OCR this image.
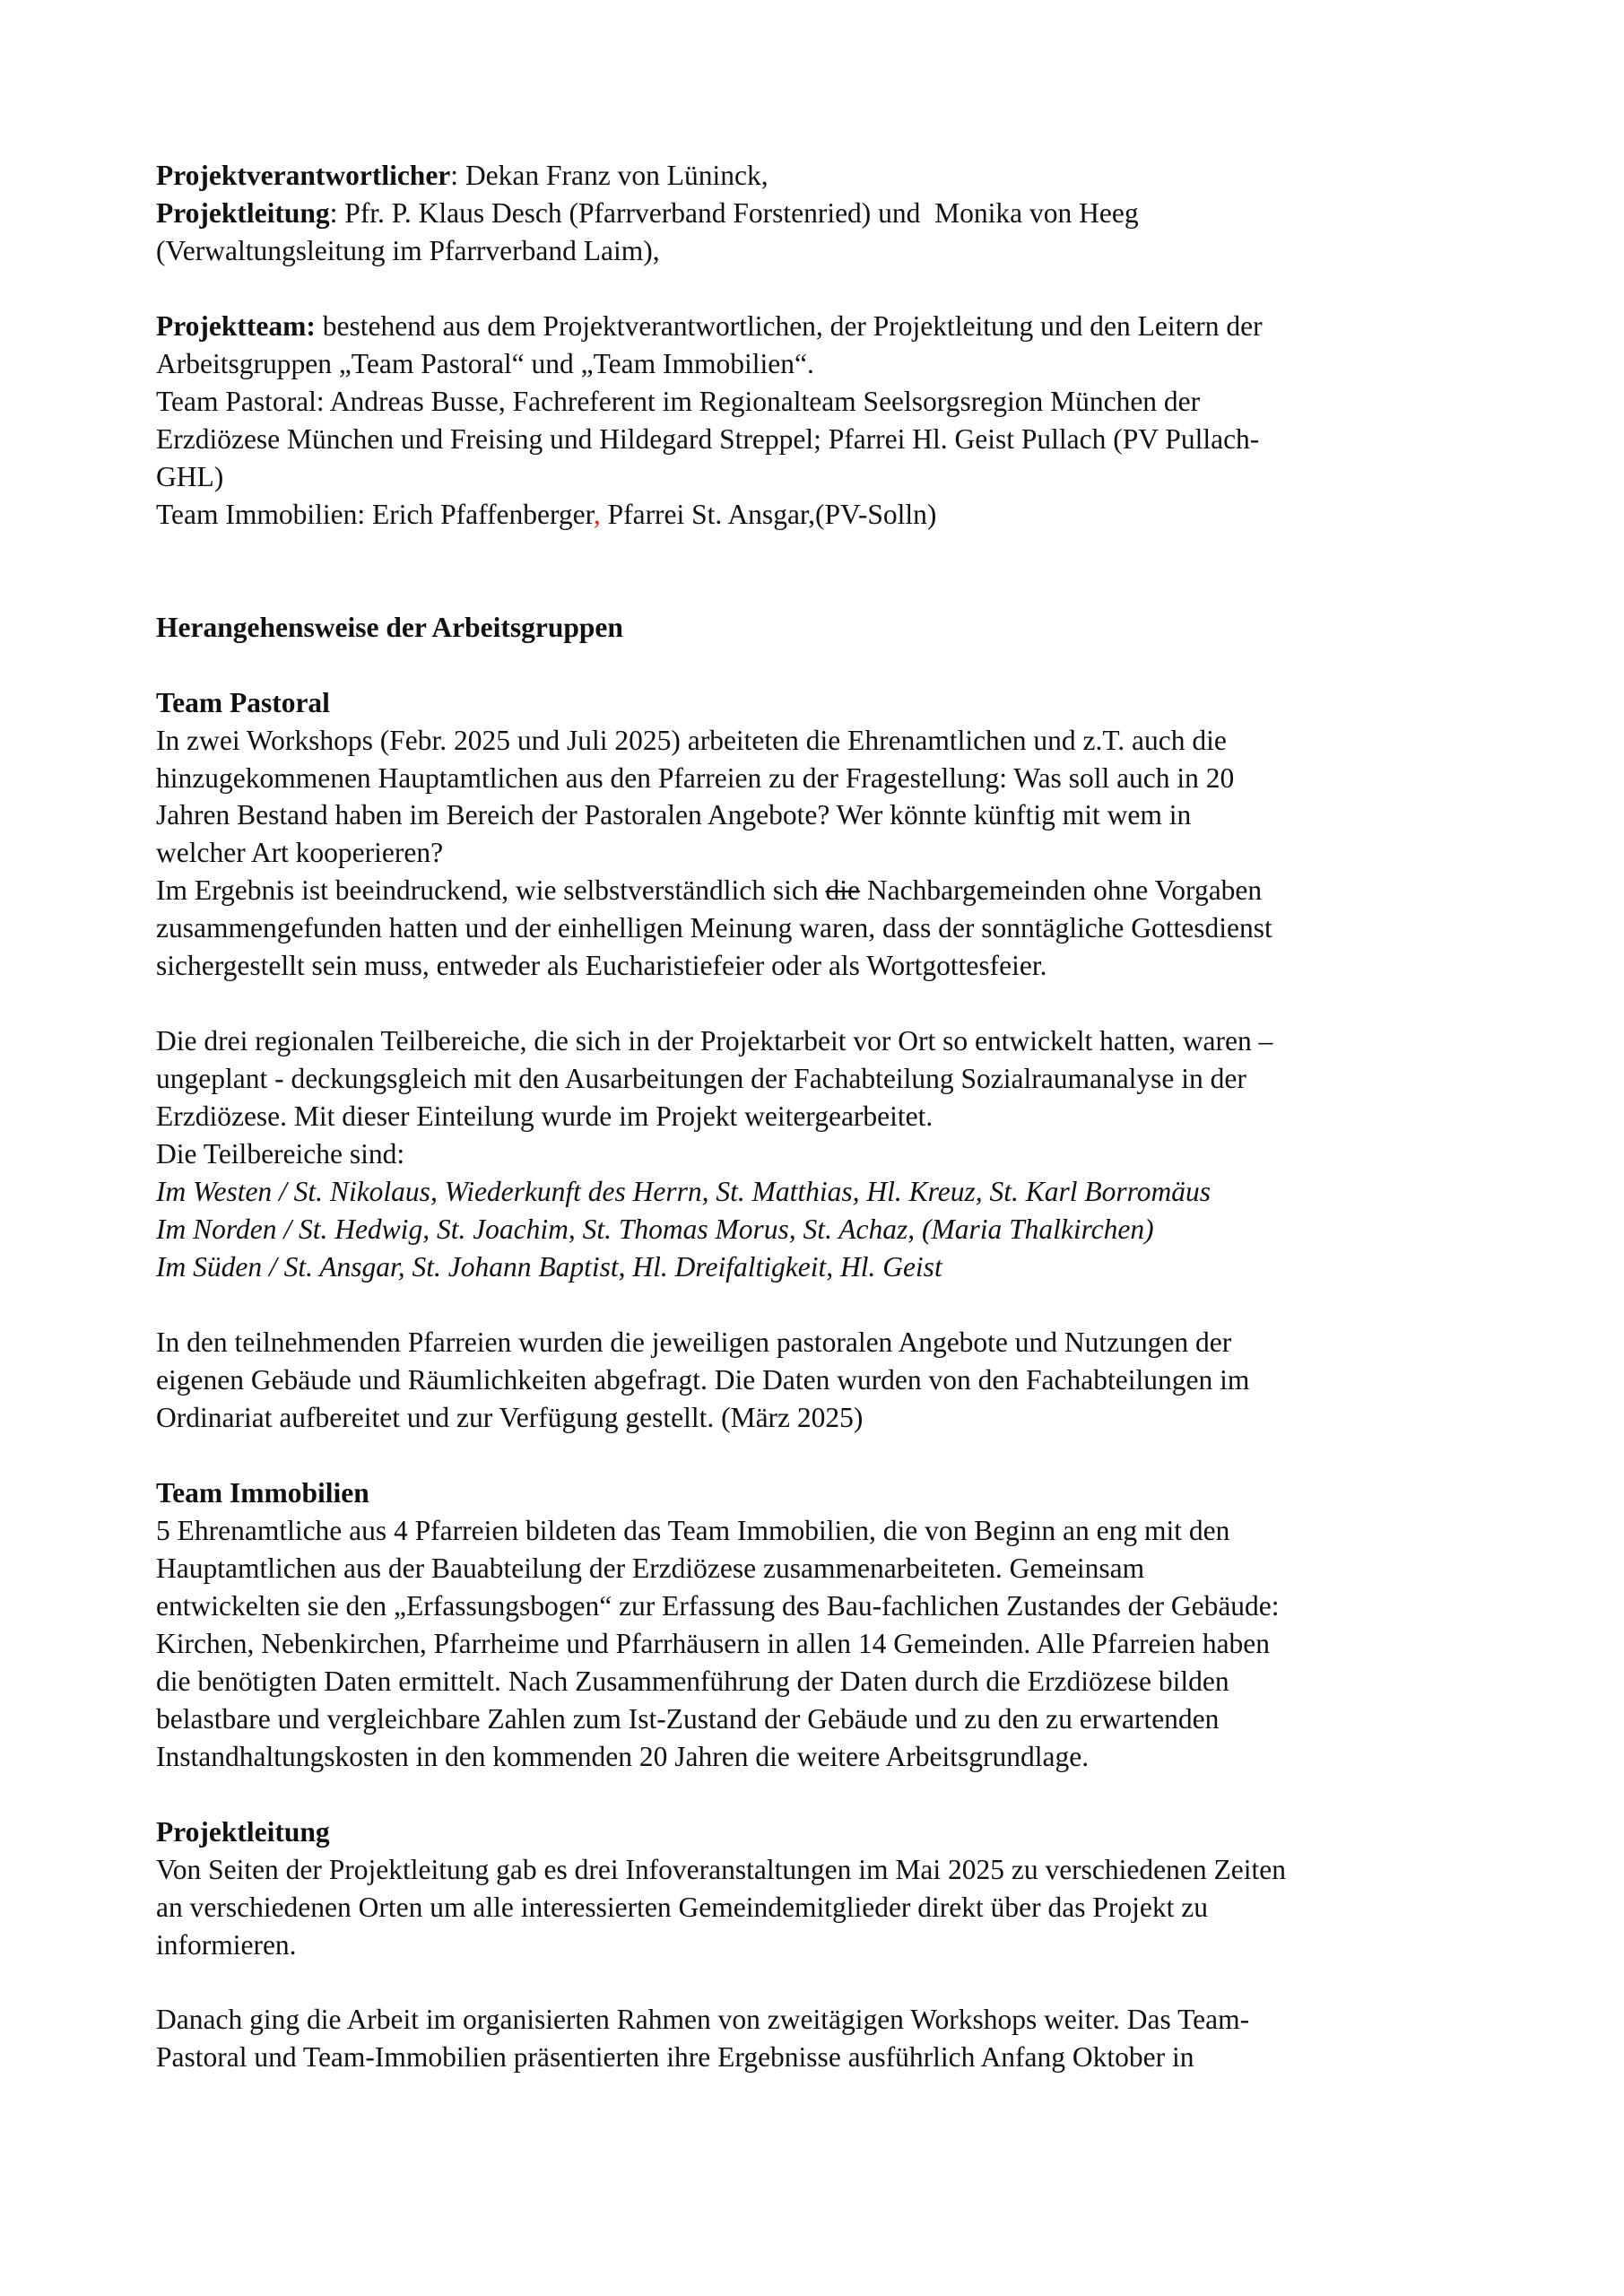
Projektverantwortlicher: Dekan Franz von Lüninck,
Projektleitung: Pfr. P. Klaus Desch (Pfarrverband Forstenried) und  Monika von Heeg
(Verwaltungsleitung im Pfarrverband Laim),
Projektteam: bestehend aus dem Projektverantwortlichen, der Projektleitung und den Leitern der
Arbeitsgruppen „Team Pastoral“ und „Team Immobilien“.
Team Pastoral: Andreas Busse, Fachreferent im Regionalteam Seelsorgsregion München der
Erzdiözese München und Freising und Hildegard Streppel; Pfarrei Hl. Geist Pullach (PV Pullach-
GHL)
Team Immobilien: Erich Pfaffenberger, Pfarrei St. Ansgar,(PV-Solln)
Herangehensweise der Arbeitsgruppen
Team Pastoral
In zwei Workshops (Febr. 2025 und Juli 2025) arbeiteten die Ehrenamtlichen und z.T. auch die
hinzugekommenen Hauptamtlichen aus den Pfarreien zu der Fragestellung: Was soll auch in 20
Jahren Bestand haben im Bereich der Pastoralen Angebote? Wer könnte künftig mit wem in
welcher Art kooperieren?
Im Ergebnis ist beeindruckend, wie selbstverständlich sich die Nachbargemeinden ohne Vorgaben
zusammengefunden hatten und der einhelligen Meinung waren, dass der sonntägliche Gottesdienst
sichergestellt sein muss, entweder als Eucharistiefeier oder als Wortgottesfeier.
Die drei regionalen Teilbereiche, die sich in der Projektarbeit vor Ort so entwickelt hatten, waren –
ungeplant - deckungsgleich mit den Ausarbeitungen der Fachabteilung Sozialraumanalyse in der
Erzdiözese. Mit dieser Einteilung wurde im Projekt weitergearbeitet.
Die Teilbereiche sind:
Im Westen / St. Nikolaus, Wiederkunft des Herrn, St. Matthias, Hl. Kreuz, St. Karl Borromäus
Im Norden / St. Hedwig, St. Joachim, St. Thomas Morus, St. Achaz, (Maria Thalkirchen)
Im Süden / St. Ansgar, St. Johann Baptist, Hl. Dreifaltigkeit, Hl. Geist
In den teilnehmenden Pfarreien wurden die jeweiligen pastoralen Angebote und Nutzungen der
eigenen Gebäude und Räumlichkeiten abgefragt. Die Daten wurden von den Fachabteilungen im
Ordinariat aufbereitet und zur Verfügung gestellt. (März 2025)
Team Immobilien
5 Ehrenamtliche aus 4 Pfarreien bildeten das Team Immobilien, die von Beginn an eng mit den
Hauptamtlichen aus der Bauabteilung der Erzdiözese zusammenarbeiteten. Gemeinsam
entwickelten sie den „Erfassungsbogen“ zur Erfassung des Bau-fachlichen Zustandes der Gebäude:
Kirchen, Nebenkirchen, Pfarrheime und Pfarrhäusern in allen 14 Gemeinden. Alle Pfarreien haben
die benötigten Daten ermittelt. Nach Zusammenführung der Daten durch die Erzdiözese bilden
belastbare und vergleichbare Zahlen zum Ist-Zustand der Gebäude und zu den zu erwartenden
Instandhaltungskosten in den kommenden 20 Jahren die weitere Arbeitsgrundlage.
Projektleitung
Von Seiten der Projektleitung gab es drei Infoveranstaltungen im Mai 2025 zu verschiedenen Zeiten
an verschiedenen Orten um alle interessierten Gemeindemitglieder direkt über das Projekt zu
informieren.
Danach ging die Arbeit im organisierten Rahmen von zweitägigen Workshops weiter. Das Team-
Pastoral und Team-Immobilien präsentierten ihre Ergebnisse ausführlich Anfang Oktober in
